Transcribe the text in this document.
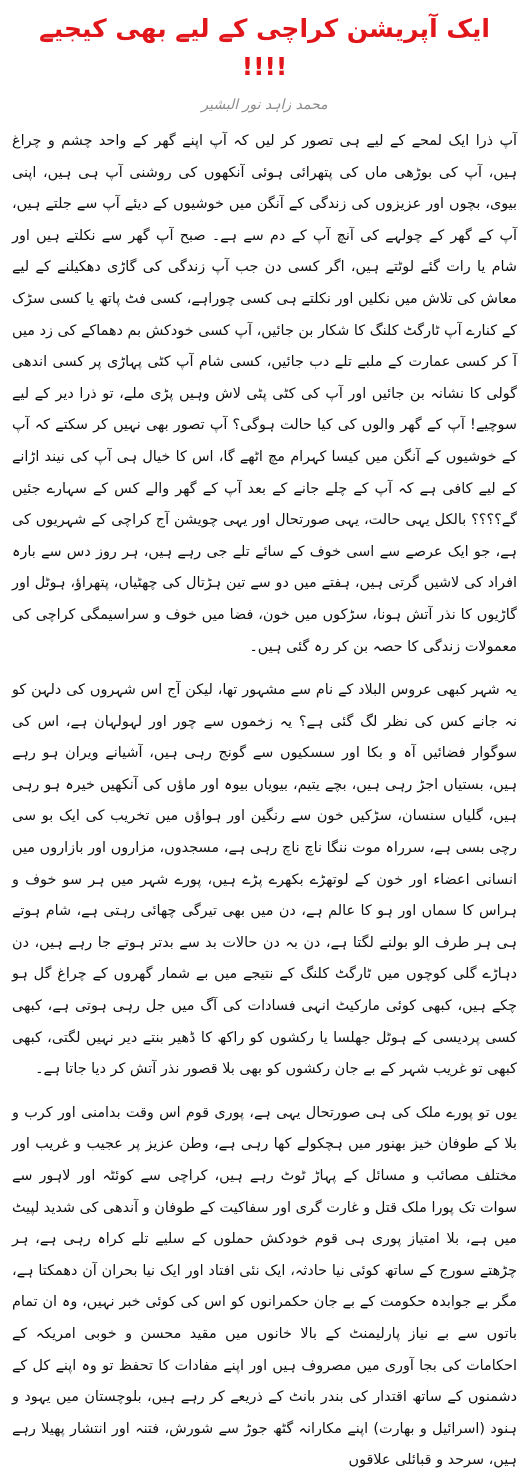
ایک آپریشن کراچی کے لیے بھی کیجیے !!!!
محمد زاہد نور البشیر

آپ ذرا ایک لمحے کے لیے ہی تصور کر لیں کہ آپ اپنے گھر کے واحد چشم و چراغ ہیں، آپ کی بوڑھی ماں کی پتھرائی ہوئی آنکھوں کی روشنی آپ ہی ہیں، اپنی بیوی، بچوں اور عزیزوں کی زندگی کے آنگن میں خوشیوں کے دیئے آپ سے جلتے ہیں، آپ کے گھر کے چولہے کی آنچ آپ کے دم سے ہے۔ صبح آپ گھر سے نکلتے ہیں اور شام یا رات گئے لوٹتے ہیں، اگر کسی دن جب آپ زندگی کی گاڑی دھکیلنے کے لیے معاش کی تلاش میں نکلیں اور نکلتے ہی کسی چوراہے، کسی فٹ پاتھ یا کسی سڑک کے کنارے آپ ٹارگٹ کلنگ کا شکار بن جائیں، آپ کسی خودکش بم دھماکے کی زد میں آ کر کسی عمارت کے ملبے تلے دب جائیں، کسی شام آپ کٹی پہاڑی پر کسی اندھی گولی کا نشانہ بن جائیں اور آپ کی کٹی پٹی لاش وہیں پڑی ملے، تو ذرا دیر کے لیے سوچیے! آپ کے گھر والوں کی کیا حالت ہوگی؟ آپ تصور بھی نہیں کر سکتے کہ آپ کے خوشیوں کے آنگن میں کیسا کہرام مچ اٹھے گا، اس کا خیال ہی آپ کی نیند اڑانے کے لیے کافی ہے کہ آپ کے چلے جانے کے بعد آپ کے گھر والے کس کے سہارے جئیں گے؟؟؟؟ بالکل یہی حالت، یہی صورتحال اور یہی چویشن آج کراچی کے شہریوں کی ہے، جو ایک عرصے سے اسی خوف کے سائے تلے جی رہے ہیں، ہر روز دس سے بارہ افراد کی لاشیں گرتی ہیں، ہفتے میں دو سے تین ہڑتال کی چھٹیاں، پتھراؤ، ہوٹل اور گاڑیوں کا نذر آتش ہونا، سڑکوں میں خون، فضا میں خوف و سراسیمگی کراچی کی معمولات زندگی کا حصہ بن کر رہ گئی ہیں۔

یہ شہر کبھی عروس البلاد کے نام سے مشہور تھا، لیکن آج اس شہروں کی دلہن کو نہ جانے کس کی نظر لگ گئی ہے؟ یہ زخموں سے چور اور لہولہان ہے، اس کی سوگوار فضائیں آہ و بکا اور سسکیوں سے گونج رہی ہیں، آشیانے ویران ہو رہے ہیں، بستیاں اجڑ رہی ہیں، بچے یتیم، بیویاں بیوہ اور ماؤں کی آنکھیں خیرہ ہو رہی ہیں، گلیاں سنسان، سڑکیں خون سے رنگین اور ہواؤں میں تخریب کی ایک بو سی رچی بسی ہے، سرراہ موت ننگا ناچ ناچ رہی ہے، مسجدوں، مزاروں اور بازاروں میں انسانی اعضاء اور خون کے لوتھڑے بکھرے پڑے ہیں، پورے شہر میں ہر سو خوف و ہراس کا سماں اور ہو کا عالم ہے، دن میں بھی تیرگی چھائی رہتی ہے، شام ہوتے ہی ہر طرف الو بولنے لگتا ہے، دن بہ دن حالات بد سے بدتر ہوتے جا رہے ہیں، دن دہاڑے گلی کوچوں میں ٹارگٹ کلنگ کے نتیجے میں بے شمار گھروں کے چراغ گل ہو چکے ہیں، کبھی کوئی مارکیٹ انہی فسادات کی آگ میں جل رہی ہوتی ہے، کبھی کسی پردیسی کے ہوٹل جھلسا یا رکشوں کو راکھ کا ڈھیر بنتے دیر نہیں لگتی، کبھی کبھی تو غریب شہر کے بے جان رکشوں کو بھی بلا قصور نذر آتش کر دیا جاتا ہے۔

یوں تو پورے ملک کی ہی صورتحال یہی ہے، پوری قوم اس وقت بدامنی اور کرب و بلا کے طوفان خیز بھنور میں ہچکولے کھا رہی ہے، وطن عزیز پر عجیب و غریب اور مختلف مصائب و مسائل کے پہاڑ ٹوٹ رہے ہیں، کراچی سے کوئٹہ اور لاہور سے سوات تک پورا ملک قتل و غارت گری اور سفاکیت کے طوفان و آندھی کی شدید لپیٹ میں ہے، بلا امتیاز پوری ہی قوم خودکش حملوں کے سلیے تلے کراہ رہی ہے، ہر چڑھتے سورج کے ساتھ کوئی نیا حادثہ، ایک نئی افتاد اور ایک نیا بحران آن دھمکتا ہے، مگر بے جوابدہ حکومت کے بے جان حکمرانوں کو اس کی کوئی خبر نہیں، وہ ان تمام باتوں سے بے نیاز پارلیمنٹ کے بالا خانوں میں مقید محسن و خوبی امریکہ کے احکامات کی بجا آوری میں مصروف ہیں اور اپنے مفادات کا تحفظ تو وہ اپنے کل کے دشمنوں کے ساتھ اقتدار کی بندر بانٹ کے ذریعے کر رہے ہیں، بلوچستان میں یہود و ہنود (اسرائیل و بھارت) اپنے مکارانہ گٹھ جوڑ سے شورش، فتنہ اور انتشار پھیلا رہے ہیں، سرحد و قبائلی علاقوں
